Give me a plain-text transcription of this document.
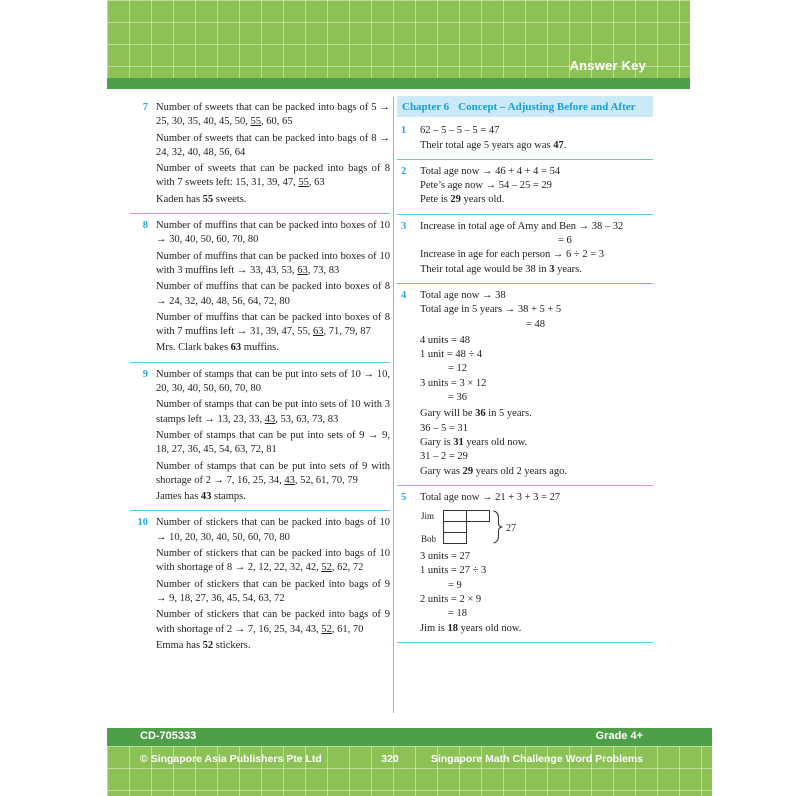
Answer Key
7 Number of sweets that can be packed into bags of 5 → 25, 30, 35, 40, 45, 50, 55, 60, 65
Number of sweets that can be packed into bags of 8 → 24, 32, 40, 48, 56, 64
Number of sweets that can be packed into bags of 8 with 7 sweets left: 15, 31, 39, 47, 55, 63
Kaden has 55 sweets.
8 Number of muffins that can be packed into boxes of 10 → 30, 40, 50, 60, 70, 80
Number of muffins that can be packed into boxes of 10 with 3 muffins left → 33, 43, 53, 63, 73, 83
Number of muffins that can be packed into boxes of 8 → 24, 32, 40, 48, 56, 64, 72, 80
Number of muffins that can be packed into boxes of 8 with 7 muffins left → 31, 39, 47, 55, 63, 71, 79, 87
Mrs. Clark bakes 63 muffins.
9 Number of stamps that can be put into sets of 10 → 10, 20, 30, 40, 50, 60, 70, 80
Number of stamps that can be put into sets of 10 with 3 stamps left → 13, 23, 33, 43, 53, 63, 73, 83
Number of stamps that can be put into sets of 9 → 9, 18, 27, 36, 45, 54, 63, 72, 81
Number of stamps that can be put into sets of 9 with shortage of 2 → 7, 16, 25, 34, 43, 52, 61, 70, 79
James has 43 stamps.
10 Number of stickers that can be packed into bags of 10 → 10, 20, 30, 40, 50, 60, 70, 80
Number of stickers that can be packed into bags of 10 with shortage of 8 → 2, 12, 22, 32, 42, 52, 62, 72
Number of stickers that can be packed into bags of 9 → 9, 18, 27, 36, 45, 54, 63, 72
Number of stickers that can be packed into bags of 9 with shortage of 2 → 7, 16, 25, 34, 43, 52, 61, 70
Emma has 52 stickers.
Chapter 6 Concept – Adjusting Before and After
1	62 – 5 – 5 – 5 = 47
Their total age 5 years ago was 47.
2	Total age now → 46 + 4 + 4 = 54
Pete’s age now → 54 – 25 = 29
Pete is 29 years old.
3	Increase in total age of Amy and Ben → 38 – 32
= 6
Increase in age for each person → 6 ÷ 2 = 3
Their total age would be 38 in 3 years.
4	Total age now → 38
Total age in 5 years → 38 + 5 + 5
= 48
4 units = 48
1 unit = 48 ÷ 4
= 12
3 units = 3 × 12
= 36
Gary will be 36 in 5 years.
36 – 5 = 31
Gary is 31 years old now.
31 – 2 = 29
Gary was 29 years old 2 years ago.
5	Total age now → 21 + 3 + 3 = 27
Jim
Bob
27
3 units = 27
1 units = 27 ÷ 3
= 9
2 units = 2 × 9
= 18
Jim is 18 years old now.
CD-705333	Grade 4+
© Singapore Asia Publishers Pte Ltd	320	Singapore Math Challenge Word Problems
